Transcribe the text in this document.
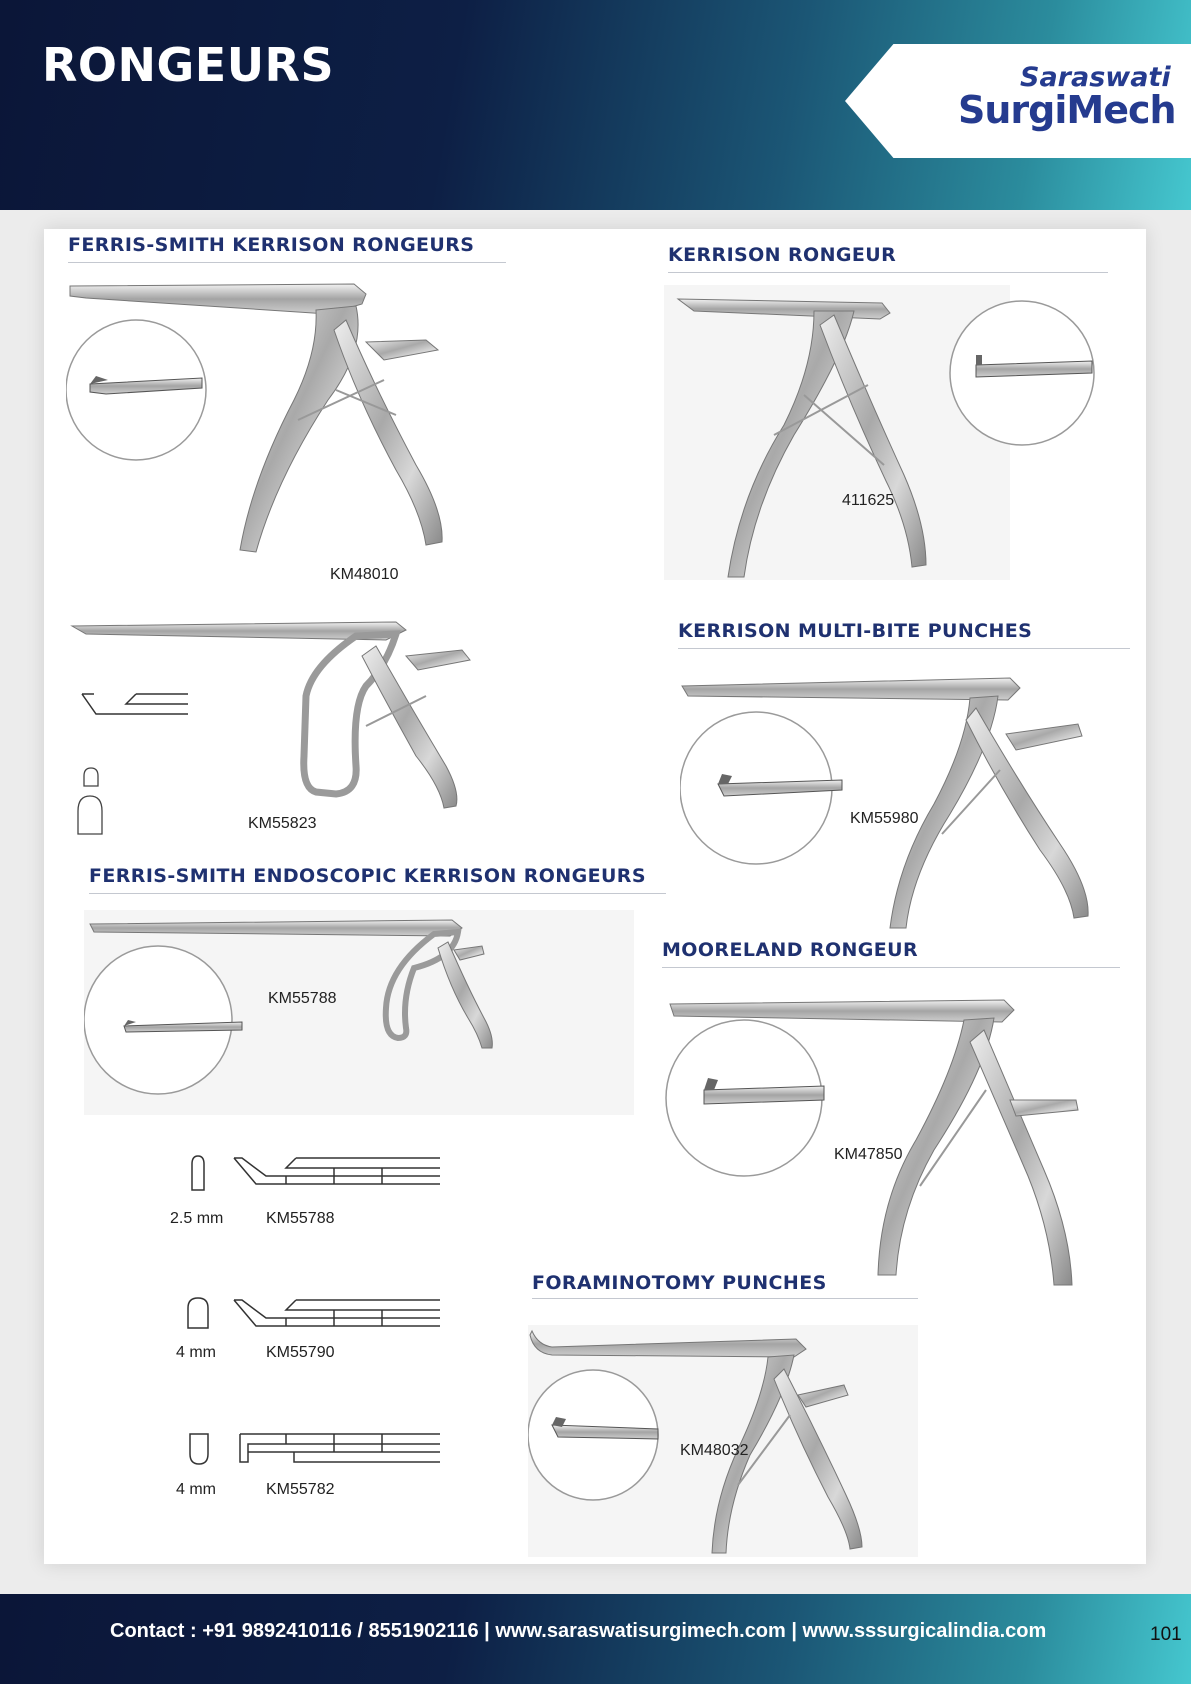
RONGEURS	Saraswati
SurgiMech
FERRIS-SMITH KERRISON RONGEURS
KM48010
KM55823
KERRISON RONGEUR
411625
KERRISON MULTI-BITE PUNCHES
KM55980
FERRIS-SMITH ENDOSCOPIC KERRISON RONGEURS
KM55788
2.5 mm	KM55788
4 mm	KM55790
4 mm	KM55782
MOORELAND RONGEUR
KM47850
FORAMINOTOMY PUNCHES
KM48032
Contact : +91 9892410116 / 8551902116 | www.saraswatisurgimech.com | www.sssurgicalindia.com	101
